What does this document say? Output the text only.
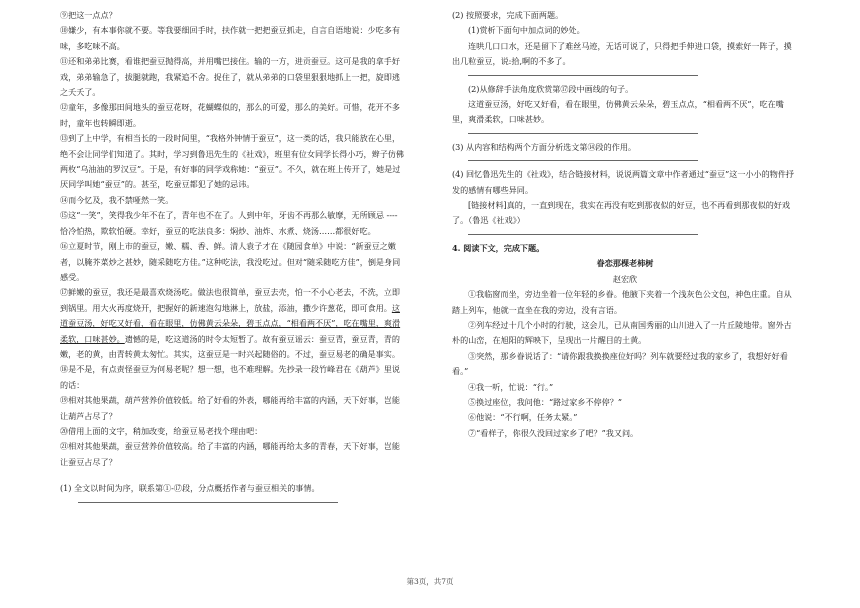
⑨把这一点点？

⑩嫌少，有本事你就不要。等我要细回手时，扶作就一把把蚕豆抓走，自言自语地说：少吃多有味，多吃味不高。

⑪还和弟弟比赛，看谁把蚕豆抛得高，并用嘴巴接住。输的一方，进贡蚕豆。这可是我的拿手好戏，弟弟输急了，拔腿就跑，我紧追不舍。捉住了，就从弟弟的口袋里狠狠地抓上一把，旋即逃之夭夭了。

⑫童年，多像那田间地头的蚕豆花呀，花蝴蝶似的，那么的可爱，那么的美好。可惜，花开不多时，童年也转瞬即逝。

⑬到了上中学，有相当长的一段时间里，“我格外钟情于蚕豆”，这一类的话，我只能放在心里，绝不会让同学们知道了。其时，学习到鲁迅先生的《社戏》，班里有位女同学长得小巧，辫子仿佛两枚“乌油油的罗汉豆”。于是，有好事的同学戏称她：“蚕豆”。不久，就在班上传开了，她是过厌同学叫她“蚕豆”的。甚至，吃蚕豆都犯了她的忌讳。

⑭而今忆及，我不禁哑然一笑。

⑮这“一笑”，笑得我少年不在了，青年也不在了。人到中年，牙齿不再那么敏摩，无所顾忌 ----恰冷怕热，欺软怕硬。幸好，蚕豆的吃法良多：焖炒、油炸、水煮、烧汤……都很好吃。

⑯立夏时节，刚上市的蚕豆，嫩、糯、香、鲜。清人袁子才在《随园食单》中说：“新蚕豆之嫩者，以腌芥菜炒之甚妙，随采随吃方佳。”这种吃法，我没吃过。但对“随采随吃方佳”，倒是身同感受。

⑰鲜嫩的蚕豆，我还是最喜欢烧汤吃。做法也很简单，蚕豆去壳，怕一不小心老去，不洗，立即到锅里。用大火再度烧开，把握好的新速泡勾地淋上，放盐，添油，撒少许葱花，即可食用。这道蚕豆汤，好吃又好看，看在眼里，仿佛黄云朵朵，碧玉点点，“相看两不厌”，吃在嘴里，爽滑柔软，口味甚妙。遗憾的是，吃这道汤的时令太短暂了。故有蚕豆谣云：蚕豆青，蚕豆青，青的嫩，老的黄，由青转黄太匆忙。其实，这蚕豆是一时兴起随俗的。不过，蚕豆易老的确是事实。

⑱是不是，有点责怪蚕豆为何易老呢？想一想，也不难理解。先抄录一段竹峰君在《葫芦》里说的话：

⑲相对其他果蔬，葫芦营养价值较低。给了好看的外表，哪能再给丰富的内涵，天下好事，岂能让葫芦占尽了？

⑳借用上面的文字，稍加改变，给蚕豆易老找个理由吧：

㉑相对其他果蔬，蚕豆营养价值较高。给了丰富的内涵，哪能再给太多的青春，天下好事，岂能让蚕豆占尽了？

(1) 全文以时间为序，联系第①-⑰段，分点概括作者与蚕豆相关的事情。

(2) 按照要求，完成下面两题。

(1)赏析下面句中加点词的妙处。

连哄几口口水，还是留下了难丝马迹，无话可说了，只得把手伸进口袋，摸索好一阵子，摸出几粒蚕豆，说:拾,啊的不多了。

(2)从修辞手法角度欣赏第⑰段中画线的句子。

这道蚕豆汤，好吃又好看，看在眼里，仿佛黄云朵朵，碧玉点点，“相看两不厌”，吃在嘴里，爽滑柔软，口味甚妙。

(3) 从内容和结构两个方面分析选文第⑭段的作用。

(4) 回忆鲁迅先生的《社戏》，结合链接材料，说说两篇文章中作者通过“蚕豆”这一小小的物件抒发的感情有哪些异同。

[链接材料]真的，一直到现在，我实在再没有吃到那夜似的好豆，也不再看到那夜似的好戏了。（鲁迅《社戏》）

4. 阅读下文，完成下题。

眷恋那棵老柿树

赵宏欣

①我临窗而坐，旁边坐着一位年轻的乡眷。他腋下夹着一个浅灰色公文包，神色庄重。自从踏上列车，他就一直坐在我的旁边，没有言语。

②列车经过十几个小时的行驶，这会儿，已从南国秀丽的山川进入了一片丘陵地带。窗外古朴的山峦，在旭阳的辉映下，呈现出一片醒目的土黄。

③突然，那乡眷说话了：“请你跟我换换座位好吗？列车就要经过我的家乡了，我想好好看看。”

④我一听，忙说：“行。”

⑤换过座位，我问他：“路过家乡不停停？”

⑥他说：“不行啊，任务太紧。”

⑦“看样子，你很久没回过家乡了吧？”我又问。

第3页，共7页
